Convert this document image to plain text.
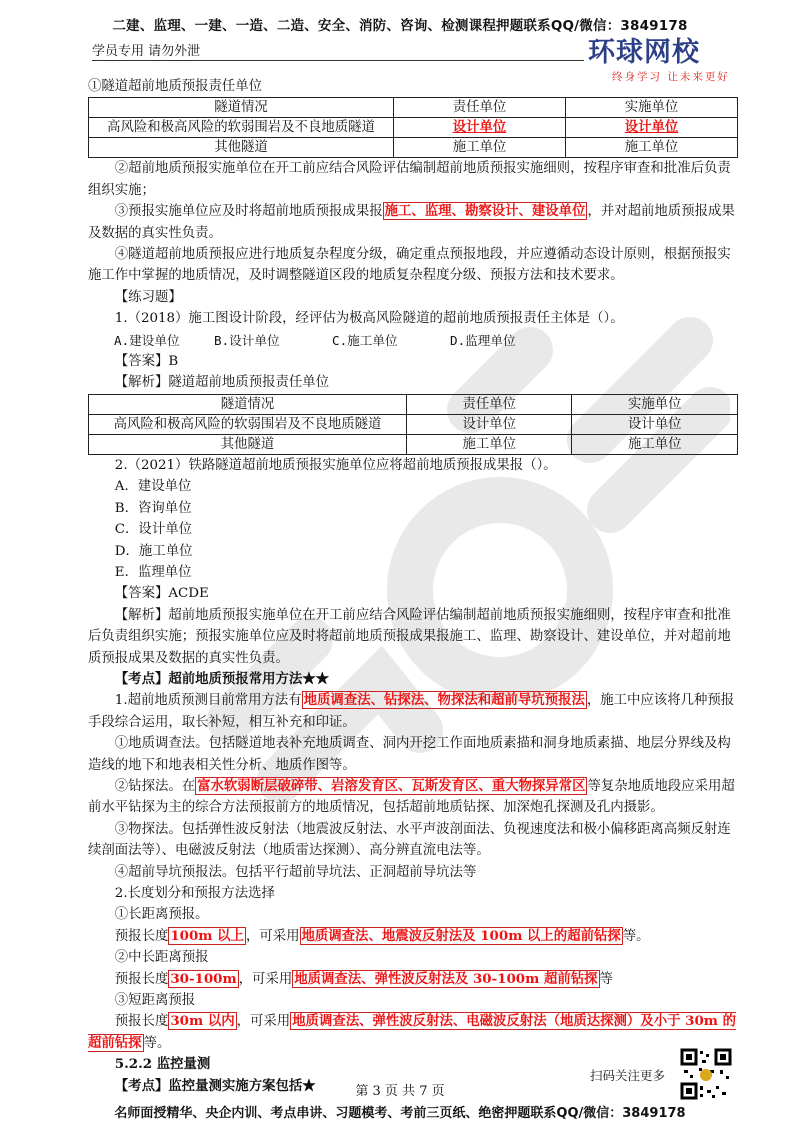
二建、监理、一建、一造、二造、安全、消防、咨询、检测课程押题联系QQ/微信：3849178
学员专用 请勿外泄	环球网校
终身学习 让未来更好

①隧道超前地质预报责任单位

隧道情况	责任单位	实施单位
高风险和极高风险的软弱围岩及不良地质隧道	设计单位	设计单位
其他隧道	施工单位	施工单位

②超前地质预报实施单位在开工前应结合风险评估编制超前地质预报实施细则，按程序审查和批准后负责组织实施；

③预报实施单位应及时将超前地质预报成果报 施工、监理、勘察设计、建设单位 ，并对超前地质预报成果及数据的真实性负责。

④隧道超前地质预报应进行地质复杂程度分级，确定重点预报地段，并应遵循动态设计原则，根据预报实施工作中掌握的地质情况，及时调整隧道区段的地质复杂程度分级、预报方法和技术要求。

【练习题】

1.（2018）施工图设计阶段，经评估为极高风险隧道的超前地质预报责任主体是（）。

A.建设单位	B.设计单位	C.施工单位	D.监理单位

【答案】B

【解析】隧道超前地质预报责任单位

隧道情况	责任单位	实施单位
高风险和极高风险的软弱围岩及不良地质隧道	设计单位	设计单位
其他隧道	施工单位	施工单位

2.（2021）铁路隧道超前地质预报实施单位应将超前地质预报成果报（）。

A．建设单位

B．咨询单位

C．设计单位

D．施工单位

E．监理单位

【答案】ACDE

【解析】超前地质预报实施单位在开工前应结合风险评估编制超前地质预报实施细则，按程序审查和批准后负责组织实施；预报实施单位应及时将超前地质预报成果报施工、监理、勘察设计、建设单位，并对超前地质预报成果及数据的真实性负责。

【考点】超前地质预报常用方法★★

1.超前地质预测目前常用方法有 地质调查法、钻探法、物探法和超前导坑预报法 ，施工中应该将几种预报手段综合运用，取长补短，相互补充和印证。

①地质调查法。包括隧道地表补充地质调查、洞内开挖工作面地质素描和洞身地质素描、地层分界线及构造线的地下和地表相关性分析、地质作图等。

②钻探法。在 富水软弱断层破碎带、岩溶发育区、瓦斯发育区、重大物探异常区 等复杂地质地段应采用超前水平钻探为主的综合方法预报前方的地质情况，包括超前地质钻探、加深炮孔探测及孔内摄影。

③物探法。包括弹性波反射法（地震波反射法、水平声波剖面法、负视速度法和极小偏移距离高频反射连续剖面法等）、电磁波反射法（地质雷达探测）、高分辨直流电法等。

④超前导坑预报法。包括平行超前导坑法、正洞超前导坑法等

2.长度划分和预报方法选择

①长距离预报。

预报长度 100m 以上 ，可采用 地质调查法、地震波反射法及 100m 以上的超前钻探 等。

②中长距离预报

预报长度 30-100m ，可采用 地质调查法、弹性波反射法及 30-100m 超前钻探 等

③短距离预报

预报长度 30m 以内 ，可采用 地质调查法、弹性波反射法、电磁波反射法（地质达探测）及小于 30m 的超前钻探 等。

5.2.2 监控量测

【考点】监控量测实施方案包括★

扫码关注更多
第 3 页 共 7 页
名师面授精华、央企内训、考点串讲、习题模考、考前三页纸、绝密押题联系QQ/微信：3849178
